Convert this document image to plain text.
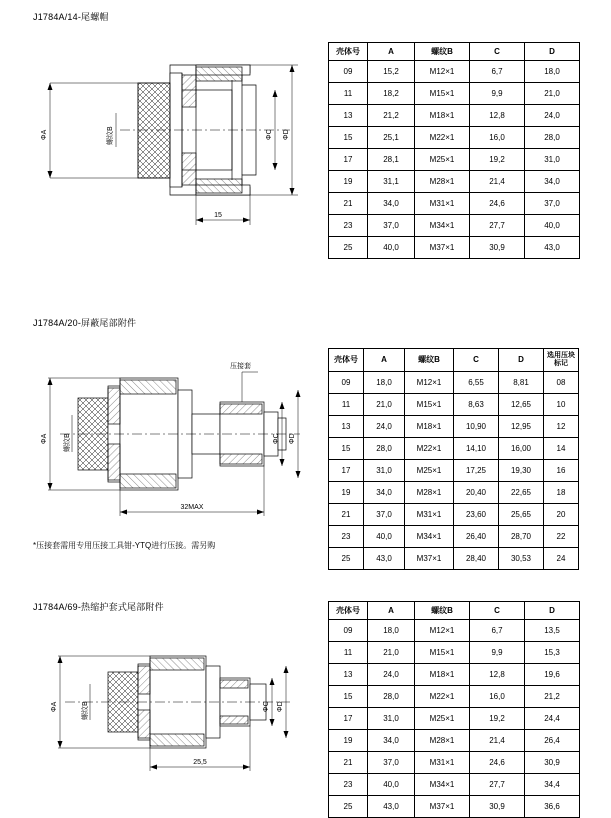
J1784A/14-尾螺帽
螺纹B
ΦA	ΦC ΦD
15
壳体号	A	螺纹B	C	D
09	15,2	M12×1	6,7	18,0
11	18,2	M15×1	9,9	21,0
13	21,2	M18×1	12,8	24,0
15	25,1	M22×1	16,0	28,0
17	28,1	M25×1	19,2	31,0
19	31,1	M28×1	21,4	34,0
21	34,0	M31×1	24,6	37,0
23	37,0	M34×1	27,7	40,0
25	40,0	M37×1	30,9	43,0
J1784A/20-屏蔽尾部附件
压接套
螺纹B
ΦA	ΦC ΦD
32MAX
*压接套需用专用压接工具钳-YTQ进行压接。需另购
壳体号	A	螺纹B	C	D	选用压块标记
09	18,0	M12×1	6,55	8,81	08
11	21,0	M15×1	8,63	12,65	10
13	24,0	M18×1	10,90	12,95	12
15	28,0	M22×1	14,10	16,00	14
17	31,0	M25×1	17,25	19,30	16
19	34,0	M28×1	20,40	22,65	18
21	37,0	M31×1	23,60	25,65	20
23	40,0	M34×1	26,40	28,70	22
25	43,0	M37×1	28,40	30,53	24
J1784A/69-热缩护套式尾部附件
ΦA	螺纹B	ΦC ΦD
25,5
壳体号	A	螺纹B	C	D
09	18,0	M12×1	6,7	13,5
11	21,0	M15×1	9,9	15,3
13	24,0	M18×1	12,8	19,6
15	28,0	M22×1	16,0	21,2
17	31,0	M25×1	19,2	24,4
19	34,0	M28×1	21,4	26,4
21	37,0	M31×1	24,6	30,9
23	40,0	M34×1	27,7	34,4
25	43,0	M37×1	30,9	36,6
